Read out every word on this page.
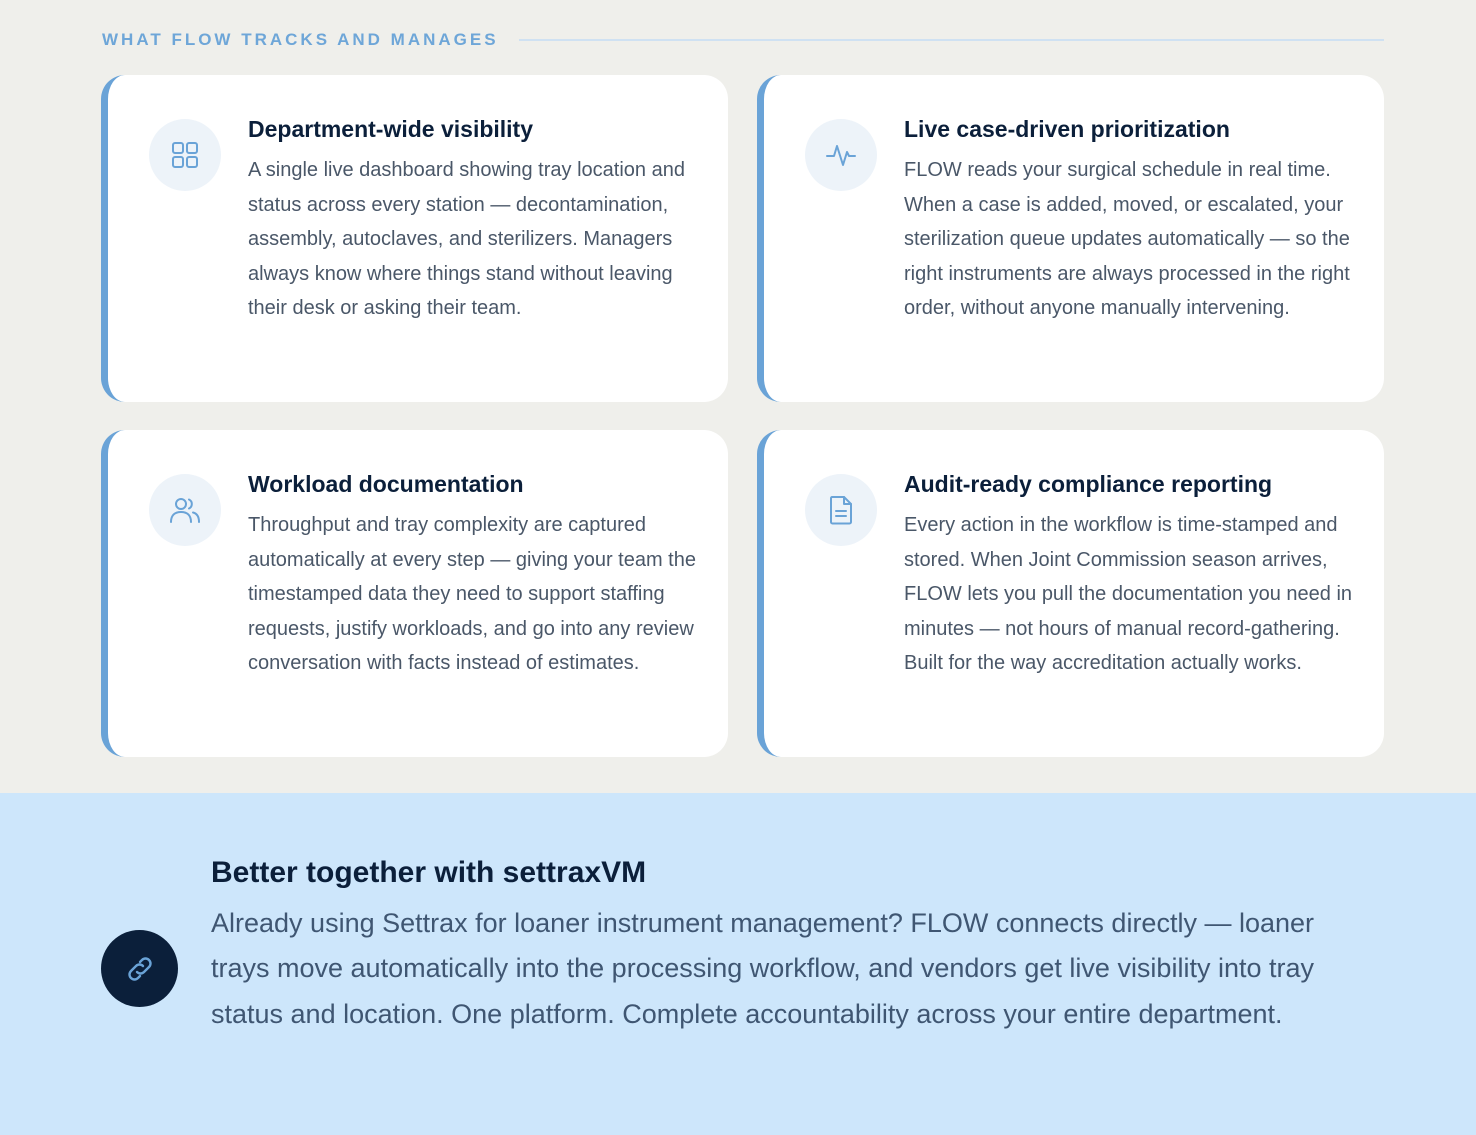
WHAT FLOW TRACKS AND MANAGES
Department-wide visibility
A single live dashboard showing tray location and status across every station — decontamination, assembly, autoclaves, and sterilizers. Managers always know where things stand without leaving their desk or asking their team.
Live case-driven prioritization
FLOW reads your surgical schedule in real time. When a case is added, moved, or escalated, your sterilization queue updates automatically — so the right instruments are always processed in the right order, without anyone manually intervening.
Workload documentation
Throughput and tray complexity are captured automatically at every step — giving your team the timestamped data they need to support staffing requests, justify workloads, and go into any review conversation with facts instead of estimates.
Audit-ready compliance reporting
Every action in the workflow is time-stamped and stored. When Joint Commission season arrives, FLOW lets you pull the documentation you need in minutes — not hours of manual record-gathering. Built for the way accreditation actually works.
Better together with settraxVM
Already using Settrax for loaner instrument management? FLOW connects directly — loaner trays move automatically into the processing workflow, and vendors get live visibility into tray status and location. One platform. Complete accountability across your entire department.
